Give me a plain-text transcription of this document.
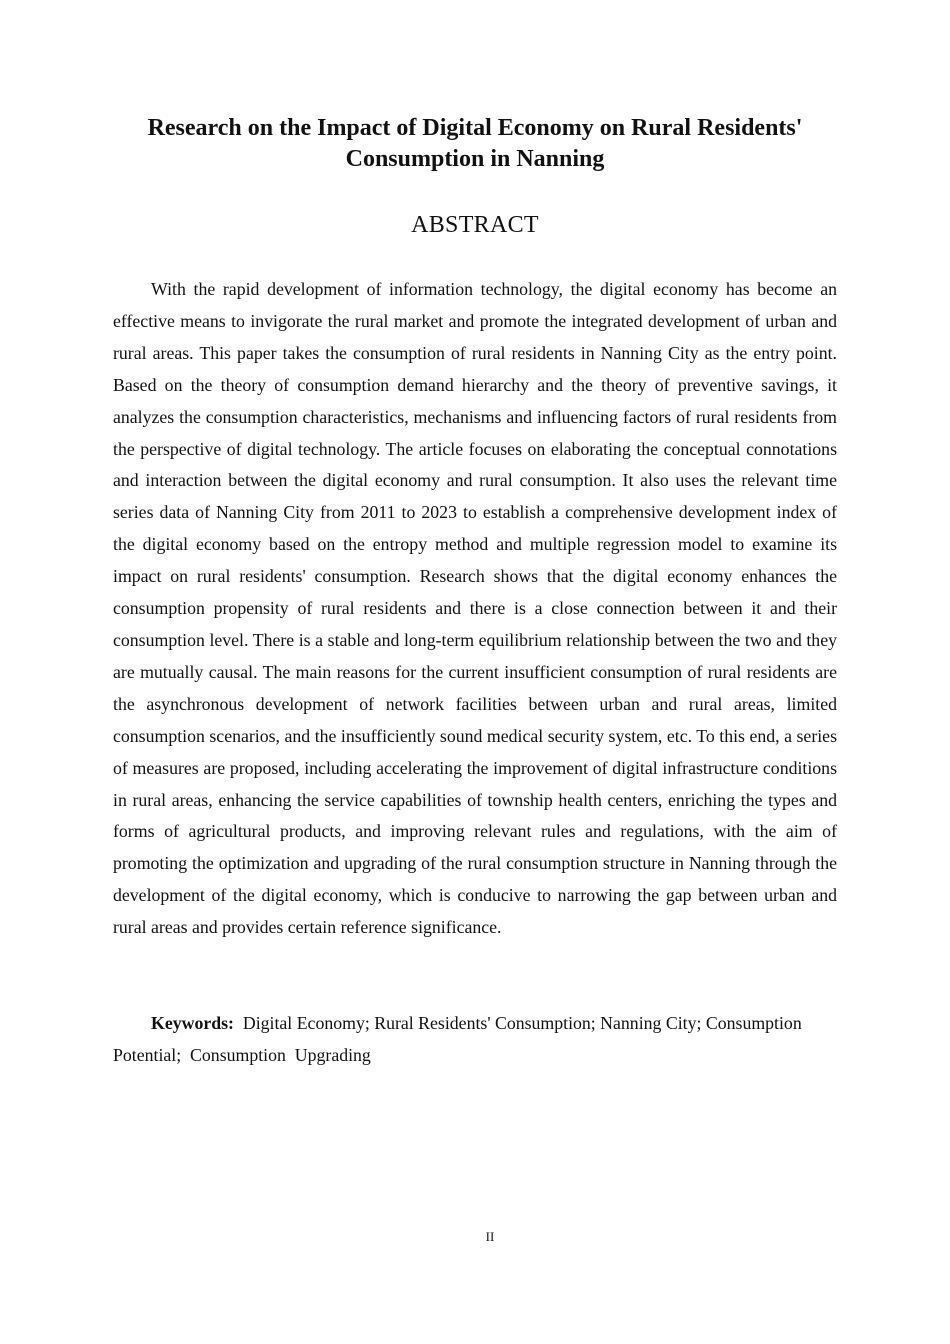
Research on the Impact of Digital Economy on Rural Residents' Consumption in Nanning
ABSTRACT

With the rapid development of information technology, the digital economy has become an effective means to invigorate the rural market and promote the integrated development of urban and rural areas. This paper takes the consumption of rural residents in Nanning City as the entry point. Based on the theory of consumption demand hierarchy and the theory of preventive savings, it analyzes the consumption characteristics, mechanisms and influencing factors of rural residents from the perspective of digital technology. The article focuses on elaborating the conceptual connotations and interaction between the digital economy and rural consumption. It also uses the relevant time series data of Nanning City from 2011 to 2023 to establish a comprehensive development index of the digital economy based on the entropy method and multiple regression model to examine its impact on rural residents' consumption. Research shows that the digital economy enhances the consumption propensity of rural residents and there is a close connection between it and their consumption level. There is a stable and long-term equilibrium relationship between the two and they are mutually causal. The main reasons for the current insufficient consumption of rural residents are the asynchronous development of network facilities between urban and rural areas, limited consumption scenarios, and the insufficiently sound medical security system, etc. To this end, a series of measures are proposed, including accelerating the improvement of digital infrastructure conditions in rural areas, enhancing the service capabilities of township health centers, enriching the types and forms of agricultural products, and improving relevant rules and regulations, with the aim of promoting the optimization and upgrading of the rural consumption structure in Nanning through the development of the digital economy, which is conducive to narrowing the gap between urban and rural areas and provides certain reference significance.

Keywords:  Digital Economy; Rural Residents' Consumption; Nanning City; Consumption Potential;  Consumption  Upgrading

II
